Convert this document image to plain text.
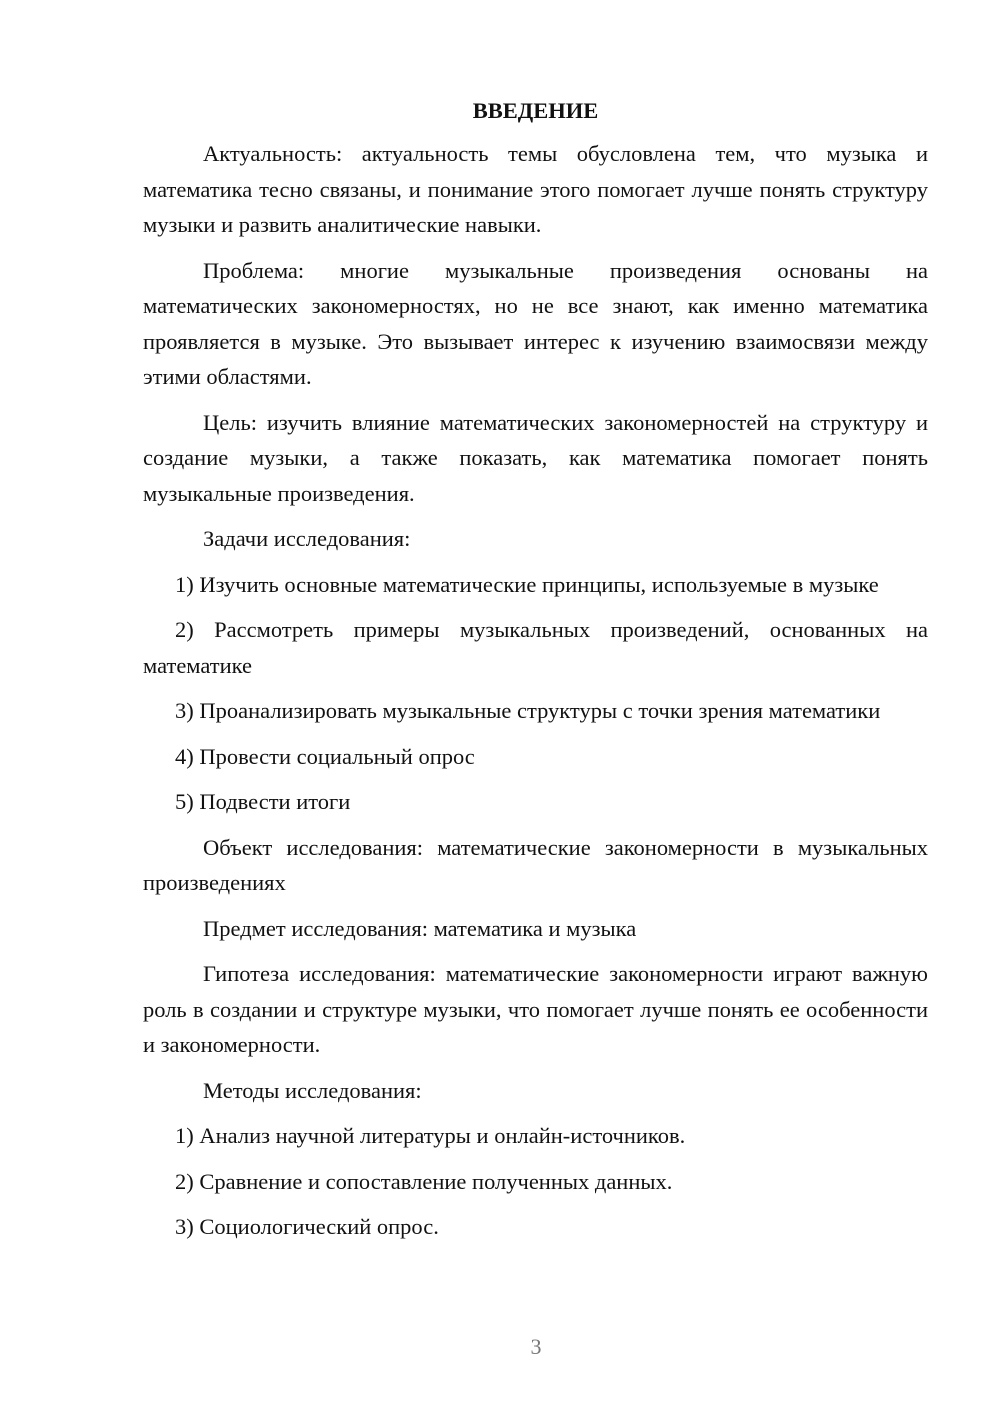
ВВЕДЕНИЕ

Актуальность: актуальность темы обусловлена тем, что музыка и математика тесно связаны, и понимание этого помогает лучше понять структуру музыки и развить аналитические навыки.

Проблема: многие музыкальные произведения основаны на математических закономерностях, но не все знают, как именно математика проявляется в музыке. Это вызывает интерес к изучению взаимосвязи между этими областями.

Цель: изучить влияние математических закономерностей на структуру и создание музыки, а также показать, как математика помогает понять музыкальные произведения.

Задачи исследования:

1) Изучить основные математические принципы, используемые в музыке

2) Рассмотреть примеры музыкальных произведений, основанных на математике

3) Проанализировать музыкальные структуры с точки зрения математики

4) Провести социальный опрос

5) Подвести итоги

Объект исследования: математические закономерности в музыкальных произведениях

Предмет исследования: математика и музыка

Гипотеза исследования: математические закономерности играют важную роль в создании и структуре музыки, что помогает лучше понять ее особенности и закономерности.

Методы исследования:

1) Анализ научной литературы и онлайн-источников.

2) Сравнение и сопоставление полученных данных.

3) Социологический опрос.

3
